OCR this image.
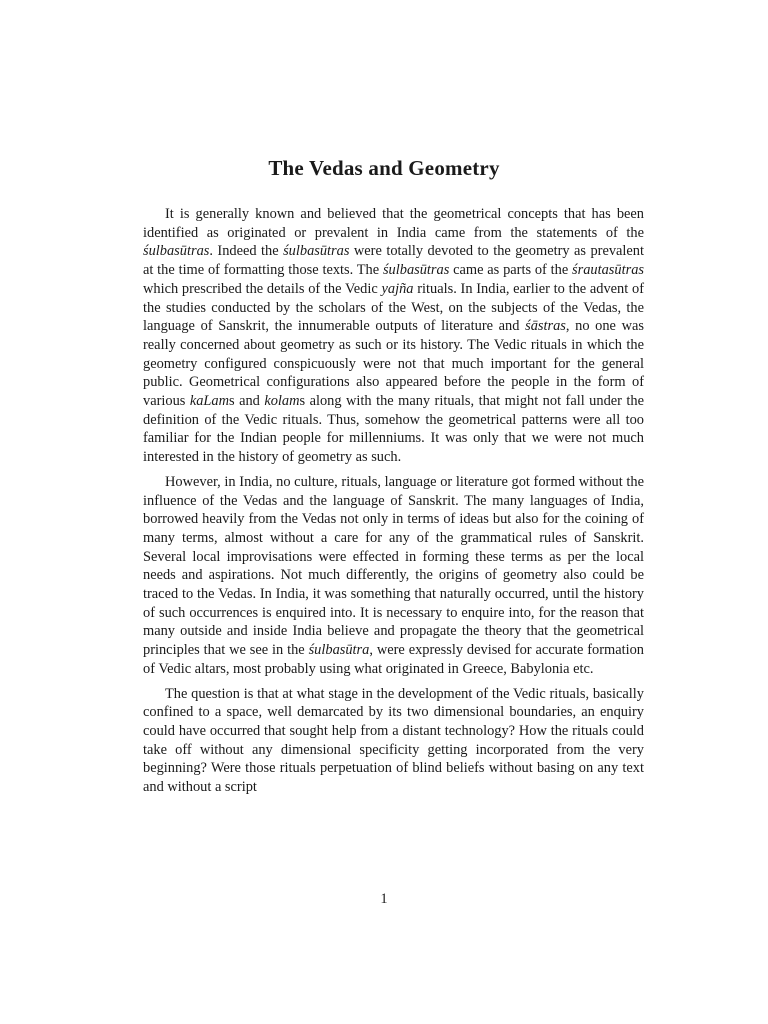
The Vedas and Geometry

It is generally known and believed that the geometrical concepts that has been identified as originated or prevalent in India came from the statements of the śulbasūtras. Indeed the śulbasūtras were totally devoted to the geometry as prevalent at the time of formatting those texts. The śulbasūtras came as parts of the śrautasūtras which prescribed the details of the Vedic yajña rituals. In India, earlier to the advent of the studies conducted by the scholars of the West, on the subjects of the Vedas, the language of Sanskrit, the innumerable outputs of literature and śāstras, no one was really concerned about geometry as such or its history. The Vedic rituals in which the geometry configured conspicuously were not that much important for the general public. Geometrical configurations also appeared before the people in the form of various kaLams and kolams along with the many rituals, that might not fall under the definition of the Vedic rituals. Thus, somehow the geometrical patterns were all too familiar for the Indian people for millenniums. It was only that we were not much interested in the history of geometry as such.

However, in India, no culture, rituals, language or literature got formed without the influence of the Vedas and the language of Sanskrit. The many languages of India, borrowed heavily from the Vedas not only in terms of ideas but also for the coining of many terms, almost without a care for any of the grammatical rules of Sanskrit. Several local improvisations were effected in forming these terms as per the local needs and aspirations. Not much differently, the origins of geometry also could be traced to the Vedas. In India, it was something that naturally occurred, until the history of such occurrences is enquired into. It is necessary to enquire into, for the reason that many outside and inside India believe and propagate the theory that the geometrical principles that we see in the śulbasūtra, were expressly devised for accurate formation of Vedic altars, most probably using what originated in Greece, Babylonia etc.

The question is that at what stage in the development of the Vedic rituals, basically confined to a space, well demarcated by its two dimensional boundaries, an enquiry could have occurred that sought help from a distant technology? How the rituals could take off without any dimensional specificity getting incorporated from the very beginning? Were those rituals perpetuation of blind beliefs without basing on any text and without a script

1
